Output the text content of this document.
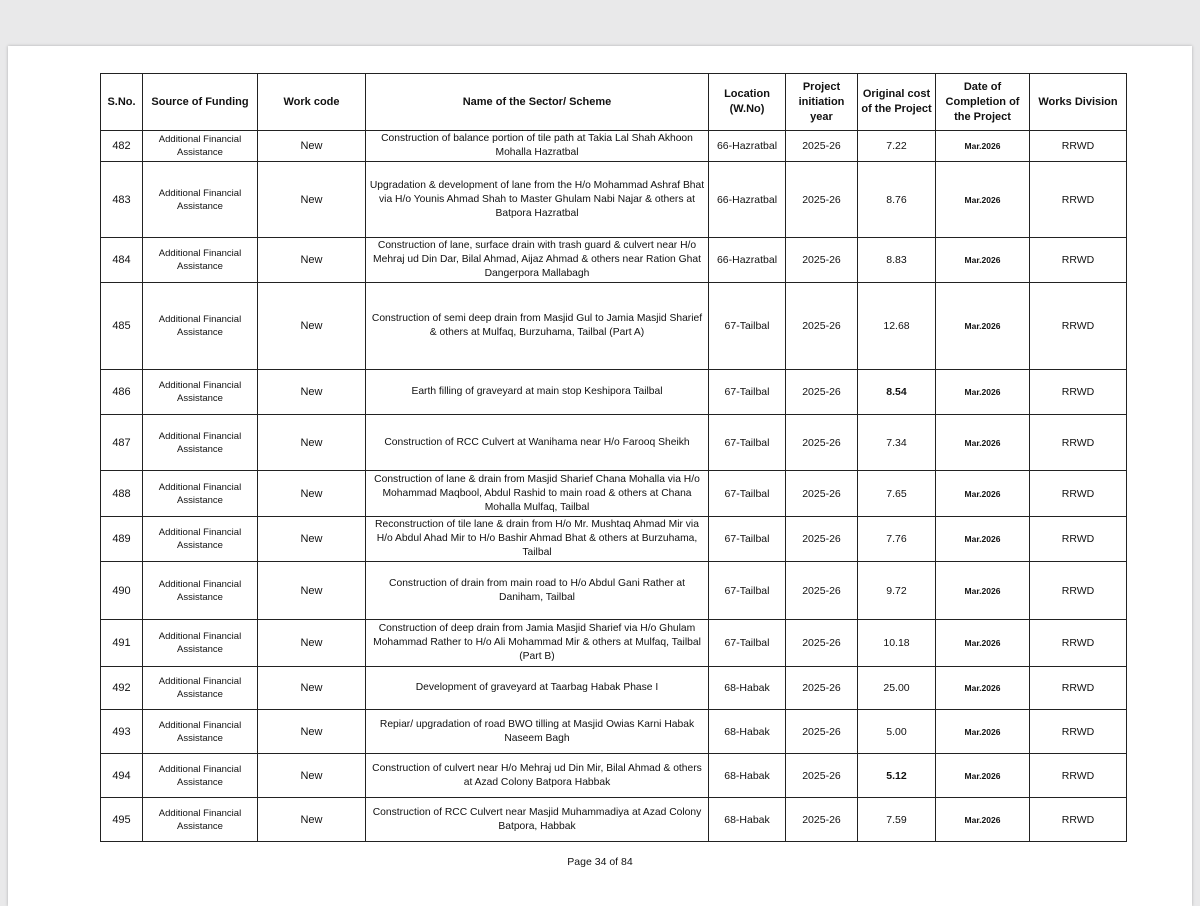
S.No.	Source of Funding	Work code	Name of the Sector/ Scheme	Location (W.No)	Project initiation year	Original cost of the Project	Date of Completion of the Project	Works Division
482	Additional Financial Assistance	New	Construction of balance portion of tile path at Takia Lal Shah Akhoon Mohalla Hazratbal	66-Hazratbal	2025-26	7.22	Mar.2026	RRWD
483	Additional Financial Assistance	New	Upgradation & development of lane from the H/o Mohammad Ashraf Bhat via H/o Younis Ahmad Shah to Master Ghulam Nabi Najar & others at Batpora Hazratbal	66-Hazratbal	2025-26	8.76	Mar.2026	RRWD
484	Additional Financial Assistance	New	Construction of lane, surface drain with trash guard & culvert near H/o Mehraj ud Din Dar, Bilal Ahmad, Aijaz Ahmad & others near Ration Ghat Dangerpora Mallabagh	66-Hazratbal	2025-26	8.83	Mar.2026	RRWD
485	Additional Financial Assistance	New	Construction of semi deep drain from Masjid Gul to Jamia Masjid Sharief & others at Mulfaq, Burzuhama, Tailbal (Part A)	67-Tailbal	2025-26	12.68	Mar.2026	RRWD
486	Additional Financial Assistance	New	Earth filling of graveyard at main stop Keshipora Tailbal	67-Tailbal	2025-26	8.54	Mar.2026	RRWD
487	Additional Financial Assistance	New	Construction of RCC Culvert at Wanihama near H/o Farooq Sheikh	67-Tailbal	2025-26	7.34	Mar.2026	RRWD
488	Additional Financial Assistance	New	Construction of lane & drain from Masjid Sharief Chana Mohalla via H/o Mohammad Maqbool, Abdul Rashid to main road & others at Chana Mohalla Mulfaq, Tailbal	67-Tailbal	2025-26	7.65	Mar.2026	RRWD
489	Additional Financial Assistance	New	Reconstruction of tile lane & drain from H/o Mr. Mushtaq Ahmad Mir via H/o Abdul Ahad Mir to H/o Bashir Ahmad Bhat & others at Burzuhama, Tailbal	67-Tailbal	2025-26	7.76	Mar.2026	RRWD
490	Additional Financial Assistance	New	Construction of drain from main road to H/o Abdul Gani Rather at Daniham, Tailbal	67-Tailbal	2025-26	9.72	Mar.2026	RRWD
491	Additional Financial Assistance	New	Construction of deep drain from Jamia Masjid Sharief via H/o Ghulam Mohammad Rather to H/o Ali Mohammad Mir & others at Mulfaq, Tailbal (Part B)	67-Tailbal	2025-26	10.18	Mar.2026	RRWD
492	Additional Financial Assistance	New	Development of graveyard at Taarbag Habak Phase I	68-Habak	2025-26	25.00	Mar.2026	RRWD
493	Additional Financial Assistance	New	Repiar/ upgradation of road BWO tilling at Masjid Owias Karni Habak Naseem Bagh	68-Habak	2025-26	5.00	Mar.2026	RRWD
494	Additional Financial Assistance	New	Construction of culvert near H/o Mehraj ud Din Mir, Bilal Ahmad & others at Azad Colony Batpora Habbak	68-Habak	2025-26	5.12	Mar.2026	RRWD
495	Additional Financial Assistance	New	Construction of RCC Culvert near Masjid Muhammadiya at Azad Colony Batpora, Habbak	68-Habak	2025-26	7.59	Mar.2026	RRWD
Page 34 of 84
